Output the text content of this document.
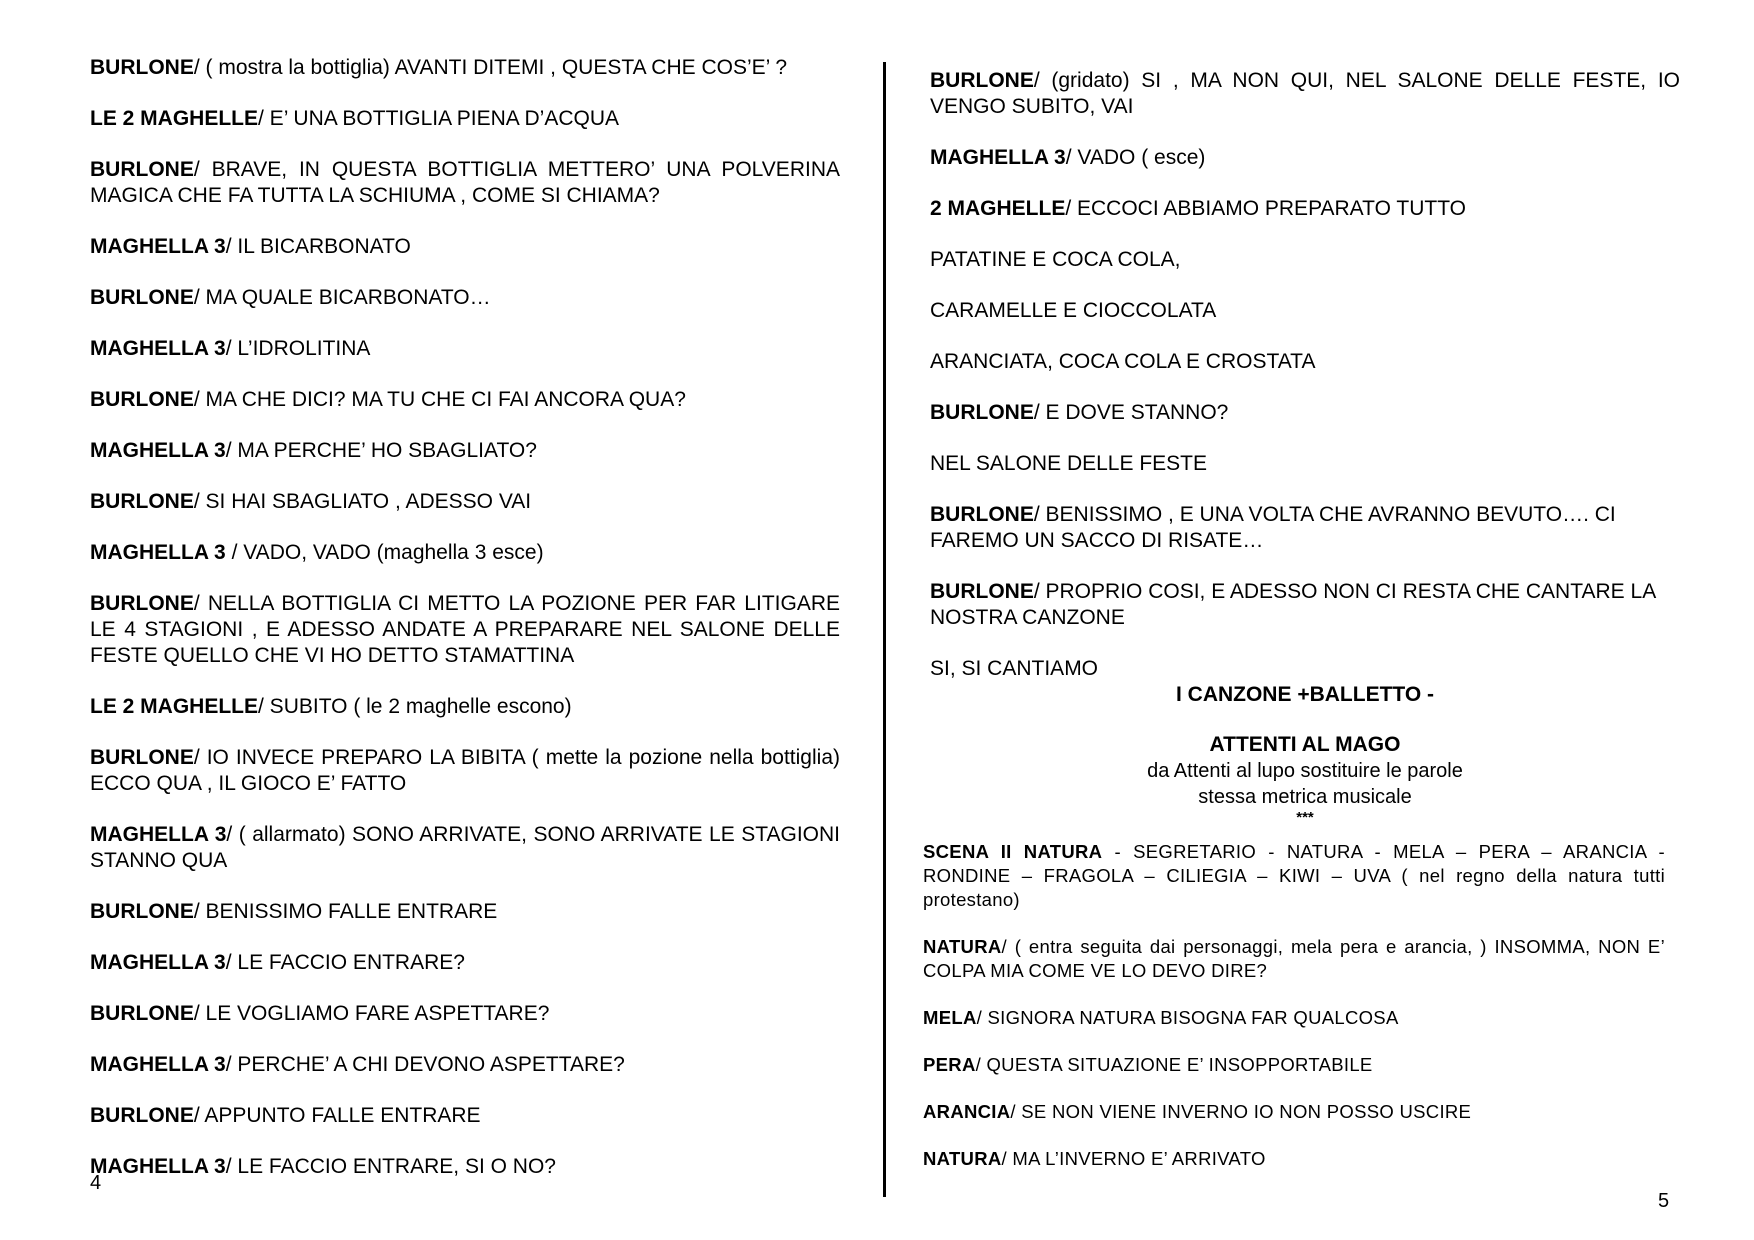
BURLONE/ ( mostra la bottiglia) AVANTI DITEMI , QUESTA CHE COS’E’ ?

LE 2 MAGHELLE/ E’ UNA BOTTIGLIA PIENA D’ACQUA

BURLONE/ BRAVE, IN QUESTA BOTTIGLIA METTERO’ UNA POLVERINA MAGICA CHE FA TUTTA LA SCHIUMA , COME SI CHIAMA?

MAGHELLA 3/ IL BICARBONATO

BURLONE/ MA QUALE BICARBONATO…

MAGHELLA 3/ L’IDROLITINA

BURLONE/ MA CHE DICI? MA TU CHE CI FAI ANCORA QUA?

MAGHELLA 3/ MA PERCHE’ HO SBAGLIATO?

BURLONE/ SI HAI SBAGLIATO , ADESSO VAI

MAGHELLA 3 / VADO, VADO (maghella 3 esce)

BURLONE/ NELLA BOTTIGLIA CI METTO LA POZIONE PER FAR LITIGARE LE 4 STAGIONI , E ADESSO ANDATE A PREPARARE NEL SALONE DELLE FESTE QUELLO CHE VI HO DETTO STAMATTINA

LE 2 MAGHELLE/ SUBITO ( le 2 maghelle escono)

BURLONE/ IO INVECE PREPARO LA BIBITA ( mette la pozione nella bottiglia) ECCO QUA , IL GIOCO E’ FATTO

MAGHELLA 3/ ( allarmato) SONO ARRIVATE, SONO ARRIVATE LE STAGIONI STANNO QUA

BURLONE/ BENISSIMO FALLE ENTRARE

MAGHELLA 3/ LE FACCIO ENTRARE?

BURLONE/ LE VOGLIAMO FARE ASPETTARE?

MAGHELLA 3/ PERCHE’ A CHI DEVONO ASPETTARE?

BURLONE/ APPUNTO FALLE ENTRARE

MAGHELLA 3/ LE FACCIO ENTRARE, SI O NO?

4

BURLONE/ (gridato) SI , MA NON QUI, NEL SALONE DELLE FESTE, IO VENGO SUBITO, VAI

MAGHELLA 3/ VADO ( esce)

2 MAGHELLE/ ECCOCI ABBIAMO PREPARATO TUTTO

PATATINE E COCA COLA,

CARAMELLE E CIOCCOLATA

ARANCIATA, COCA COLA E CROSTATA

BURLONE/ E DOVE STANNO?

NEL SALONE DELLE FESTE

BURLONE/ BENISSIMO , E UNA VOLTA CHE AVRANNO BEVUTO…. CI FAREMO UN SACCO DI RISATE…

BURLONE/ PROPRIO COSI, E ADESSO NON CI RESTA CHE CANTARE LA NOSTRA CANZONE

SI, SI CANTIAMO

I CANZONE +BALLETTO -

ATTENTI AL MAGO

da Attenti al lupo sostituire le parole

stessa metrica musicale

***

SCENA II NATURA - SEGRETARIO - NATURA - MELA – PERA – ARANCIA - RONDINE – FRAGOLA – CILIEGIA – KIWI – UVA ( nel regno della natura tutti protestano)

NATURA/ ( entra seguita dai personaggi, mela pera e arancia, ) INSOMMA, NON E’ COLPA MIA COME VE LO DEVO DIRE?

MELA/ SIGNORA NATURA BISOGNA FAR QUALCOSA

PERA/ QUESTA SITUAZIONE E’ INSOPPORTABILE

ARANCIA/ SE NON VIENE INVERNO IO NON POSSO USCIRE

NATURA/ MA L’INVERNO E’ ARRIVATO

5
